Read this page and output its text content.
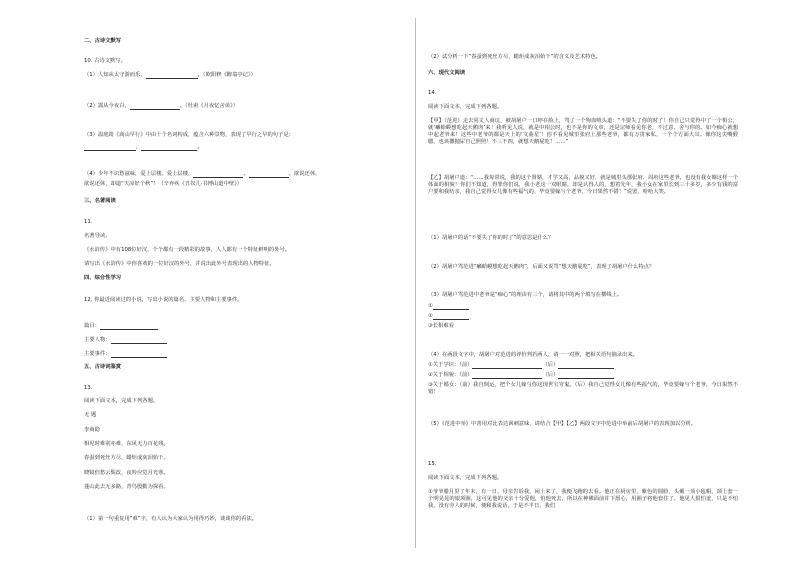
二、古诗文默写
10. 古诗文默写。
（1）人知从太守游而乐，	。（欧阳修《醉翁亭记》）
（2）露从今夜白，	。（杜甫《月夜忆舍弟》）
（3）温庭筠《商山早行》中由十个名词构成，蕴含六种景物，表现了早行之早的句子是：
，	。
（4）少年不识愁滋味，爱上层楼。爱上层楼，	。	。欲说还休，
欲说还休，却道“天凉好个秋”！（辛弃疾《丑奴儿·书博山道中壁》）
三、名著阅读
11.
名著导读。
《水浒传》中有108位好汉，个个都有一段精彩的故事，人人都有一个特征鲜明的外号。
请写出《水浒传》中你喜欢的一位好汉的外号，并说出此外号表现出的人物特征。
四、综合性学习
12. 你最近阅读过的小说，写出小说的篇名、主要人物和主要事件。
篇目：
主要人物：
主要事件：
五、古诗词鉴赏
13.
阅读下面文本，完成下列各题。
无 题
李商隐
相见时难别亦难，东风无力百花残。
春蚕到死丝方尽，蜡炬成灰泪始干。
晓镜但愁云鬓改，夜吟应觉月光寒。
蓬山此去无多路，青鸟殷勤为探看。
（1）第一句重复用“难”字，有人认为大家认为用得巧妙，谈谈你的看法。
（2）试分析一下“春蚕到死丝方尽，蜡炬成灰泪始干”的含义及艺术特色。
六、现代文阅读
14.
阅读下面文本，完成下列各题。
【甲】（范进）走去同丈人商议，被胡屠户一口啐在脸上，骂了一个狗血喷头道：“不要失了你的时了！你自己只觉得中了一个相公，就‘癞蛤蟆想吃起天鹅肉’来！我听见人说，就是中相公时，也不是你的文章，还是宗师看见你老，不过意，舍与你的。如今痴心就想中起老爷来！这些中老爷的都是天上的‘文曲星’！你不看见城里张府上那些老爷，都有万贯家私，一个个方面大耳。像你这尖嘴猴腮，也该撒抛尿自己照照！不三不四，就想天鹅屁吃！……”
【乙】胡屠户道：“……我每常说，我的这个贤婿，才学又高，品貌又好，就是城里头那张府、周府这些老爷，也没有我女婿这样一个体面的相貌！你们不知道，得罪你们说，我小老这一双眼睛，却是认得人的，想着先年，我小女在家里长到三十多岁，多少有钱的富户要和我结亲，我自己觉得女儿像有些福气的，毕竟要嫁与个老爷，今日果然不错！”说罢，哈哈大笑。
（1）胡屠户的话“不要失了你的时了”的意思是什么？
（2）胡屠户骂范进“癞蛤蟆想吃起天鹅肉”，后面又说骂“想天鹅屁吃”，表现了胡屠户什么特点？
（3）胡屠户骂范进中老爷是“痴心”的理由有三个，请将其中的两个填写在横线上。
①
②
③长相难看
（4）在两段文字中，胡屠户对范进的评价判若两人，请一一对照，把相关语句摘录出来。
①关于学识：（前）	（后）
②关于相貌：（前）	（后）
③关于婚女：（前）我自倒运，把个女儿嫁与你这现世宝穷鬼。（后）我自己觉得女儿像有些福气的，毕竟要嫁与个老爷，今日果然不错！
（5）《范进中举》中善用对比表达讽刺意味，请结合【甲】【乙】两段文字中范进中举前后胡屠户的表现加以分析。
15.
阅读下面文本，完成下列各题。
①爷爷腊月里了年末，有一日，母亲告诉我，闲土来了，我便飞跑的去看。他正在厨房里，紫色的圆脸，头戴一顶小毡帽，颈上套一个明晃晃的银项圈，这可见他的父亲十分爱他，怕他死去，所以在神佛面前许下愿心，用圈子将他套住了。他见人很怕羞，只是不怕我，没有旁人的时候，便和我说话，于是不半日，我们
